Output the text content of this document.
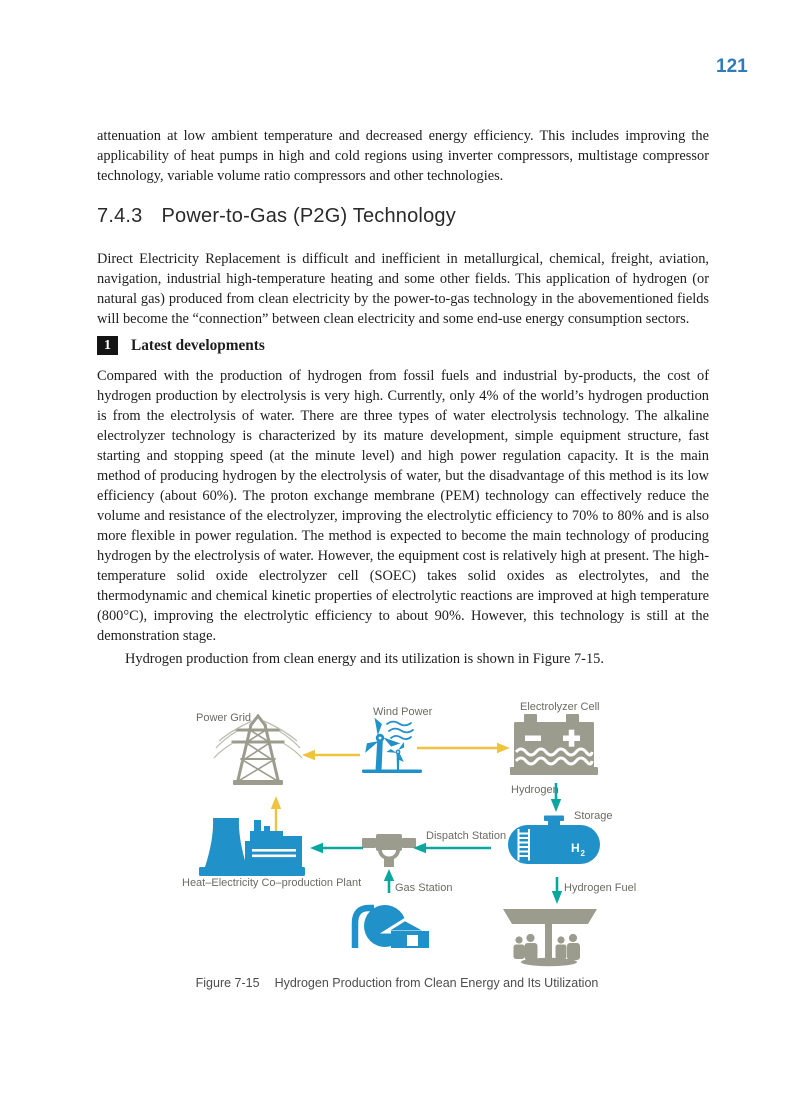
121

attenuation at low ambient temperature and decreased energy efficiency. This includes improving the applicability of heat pumps in high and cold regions using inverter compressors, multistage compressor technology, variable volume ratio compressors and other technologies.

7.4.3 Power-to-Gas (P2G) Technology

Direct Electricity Replacement is difficult and inefficient in metallurgical, chemical, freight, aviation, navigation, industrial high-temperature heating and some other fields. This application of hydrogen (or natural gas) produced from clean electricity by the power-to-gas technology in the abovementioned fields will become the “connection” between clean electricity and some end-use energy consumption sectors.

1	Latest developments

Compared with the production of hydrogen from fossil fuels and industrial by-products, the cost of hydrogen production by electrolysis is very high. Currently, only 4% of the world’s hydrogen production is from the electrolysis of water. There are three types of water electrolysis technology. The alkaline electrolyzer technology is characterized by its mature development, simple equipment structure, fast starting and stopping speed (at the minute level) and high power regulation capacity. It is the main method of producing hydrogen by the electrolysis of water, but the disadvantage of this method is its low efficiency (about 60%). The proton exchange membrane (PEM) technology can effectively reduce the volume and resistance of the electrolyzer, improving the electrolytic efficiency to 70% to 80% and is also more flexible in power regulation. The method is expected to become the main technology of producing hydrogen by the electrolysis of water. However, the equipment cost is relatively high at present. The high-temperature solid oxide electrolyzer cell (SOEC) takes solid oxides as electrolytes, and the thermodynamic and chemical kinetic properties of electrolytic reactions are improved at high temperature (800°C), improving the electrolytic efficiency to about 90%. However, this technology is still at the demonstration stage.

Hydrogen production from clean energy and its utilization is shown in Figure 7-15.

Power Grid	Wind Power	Electrolyzer Cell
Hydrogen
Storage
Dispatch Station
Gas Station	Hydrogen Fuel
Heat–Electricity Co–production Plant
H 2
Figure 7-15 Hydrogen Production from Clean Energy and Its Utilization
